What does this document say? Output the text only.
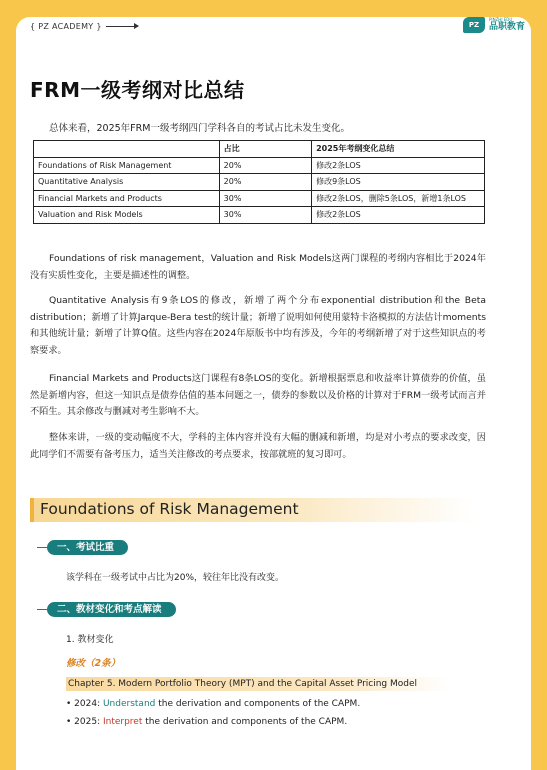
{ PZ ACADEMY }	PZ
PINZHI EDU
品职教育
FRM一级考纲对比总结
总体来看，2025年FRM一级考纲四门学科各自的考试占比未发生变化。
	占比	2025年考纲变化总结
Foundations of Risk Management	20%	修改2条LOS
Quantitative Analysis	20%	修改9条LOS
Financial Markets and Products	30%	修改2条LOS，删除5条LOS，新增1条LOS
Valuation and Risk Models	30%	修改2条LOS
Foundations of risk management，Valuation and Risk Models这两门课程的考纲内容相比于2024年没有实质性变化，主要是描述性的调整。
Quantitative Analysis有9条LOS的修改，新增了两个分布exponential distribution和the Beta distribution；新增了计算Jarque-Bera test的统计量；新增了说明如何使用蒙特卡洛模拟的方法估计moments和其他统计量；新增了计算Q值。这些内容在2024年原版书中均有涉及，今年的考纲新增了对于这些知识点的考察要求。
Financial Markets and Products这门课程有8条LOS的变化。新增根据票息和收益率计算债券的价值，虽然是新增内容，但这一知识点是债券估值的基本问题之一，债券的参数以及价格的计算对于FRM一级考试而言并不陌生。其余修改与删减对考生影响不大。
整体来讲，一级的变动幅度不大，学科的主体内容并没有大幅的删减和新增，均是对小考点的要求改变，因此同学们不需要有备考压力，适当关注修改的考点要求，按部就班的复习即可。
Foundations of Risk Management
一、考试比重
该学科在一级考试中占比为20%，较往年比没有改变。
二、教材变化和考点解读
1. 教材变化
修改（2条）
Chapter 5. Modern Portfolio Theory (MPT) and the Capital Asset Pricing Model
• 2024: Understand the derivation and components of the CAPM.
• 2025: Interpret the derivation and components of the CAPM.
